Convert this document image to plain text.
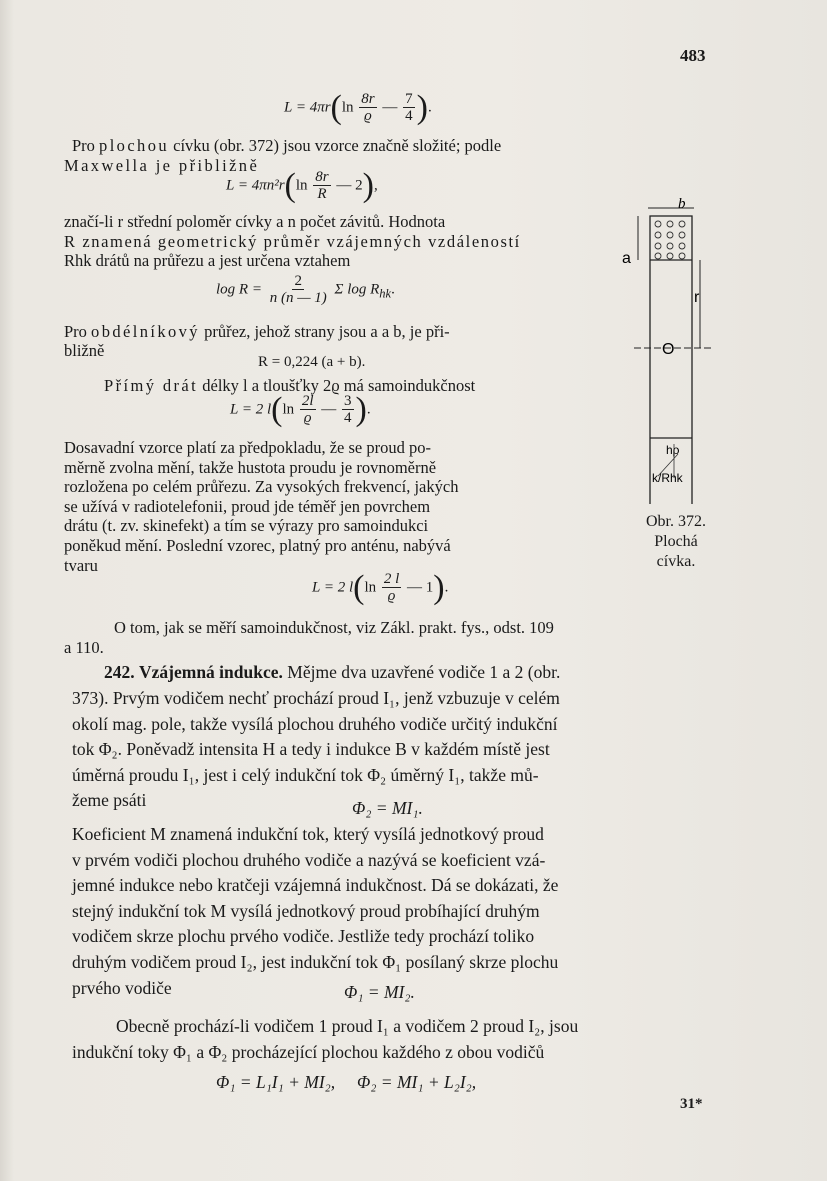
483
$L = 4\pi r(\ln \frac{8r}{ϱ}$ — $\frac{7}{4}$ ).
Pro plochou cívku (obr. 372) jsou vzorce značně složité; podle
Maxwella je přibližně
$L = 4\pi n^2r(\ln \frac{8r}{R}$ — 2),
značí-li r střední poloměr cívky a n počet závitů. Hodnota
R znamená geometrický průměr vzájemných vzdáleností
Rhk drátů na průřezu a jest určena vztahem
$\log R = \frac{2}{n (n — 1)}$ Σ $\log R_{hk}$.
Pro obdélníkový průřez, jehož strany jsou a a b, je při-
bližně
R = 0,224 (a + b).
Přímý drát délky l a tloušťky 2ϱ má samoindukčnost
L = 2 $l(\ln \frac{2l}{ϱ}$ — $\frac{3}{4}$ ).
Dosavadní vzorce platí za předpokladu, že se proud po-
měrně zvolna mění, takže hustota proudu je rovnoměrně
rozložena po celém průřezu. Za vysokých frekvencí, jakých
se užívá v radiotelefonii, proud jde téměř jen povrchem
drátu (t. zv. skinefekt) a tím se výrazy pro samoindukci
poněkud mění. Poslední vzorec, platný pro anténu, nabývá
tvaru
L = 2 $l(\ln \frac{2 l}{ϱ}$ — 1).
O tom, jak se měří samoindukčnost, viz Zákl. prakt. fys., odst. 109
a 110.
242. Vzájemná indukce. Mějme dva uzavřené vodiče 1 a 2 (obr.
373). Prvým vodičem nechť prochází proud I₁, jenž vzbuzuje v celém
okolí mag. pole, takže vysílá plochou druhého vodiče určitý indukční
tok Φ₂. Poněvadž intensita H a tedy i indukce B v každém místě jest
úměrná proudu I₁, jest i celý indukční tok Φ₂ úměrný I₁, takže mů-
žeme psáti	Φ₂ = MI₁.
Koeficient M znamená indukční tok, který vysílá jednotkový proud
v prvém vodiči plochou druhého vodiče a nazývá se koeficient vzá-
jemné indukce nebo kratčeji vzájemná indukčnost. Dá se dokázati, že
stejný indukční tok M vysílá jednotkový proud probíhající druhým
vodičem skrze plochu prvého vodiče. Jestliže tedy prochází toliko
druhým vodičem proud I₂, jest indukční tok Φ₁ posílaný skrze plochu
prvého vodiče	Φ₁ = MI₂.
Obecně prochází-li vodičem 1 proud I₁ a vodičem 2 proud I₂, jsou
indukční toky Φ₁ a Φ₂ procházející plochou každého z obou vodičů
Φ₁ = L₁I₁ + MI₂,     Φ₂ = MI₁ + L₂I₂,
b
a
r
O
hρ
k/Rhk
Obr. 372.
Plochá
cívka.
31*
